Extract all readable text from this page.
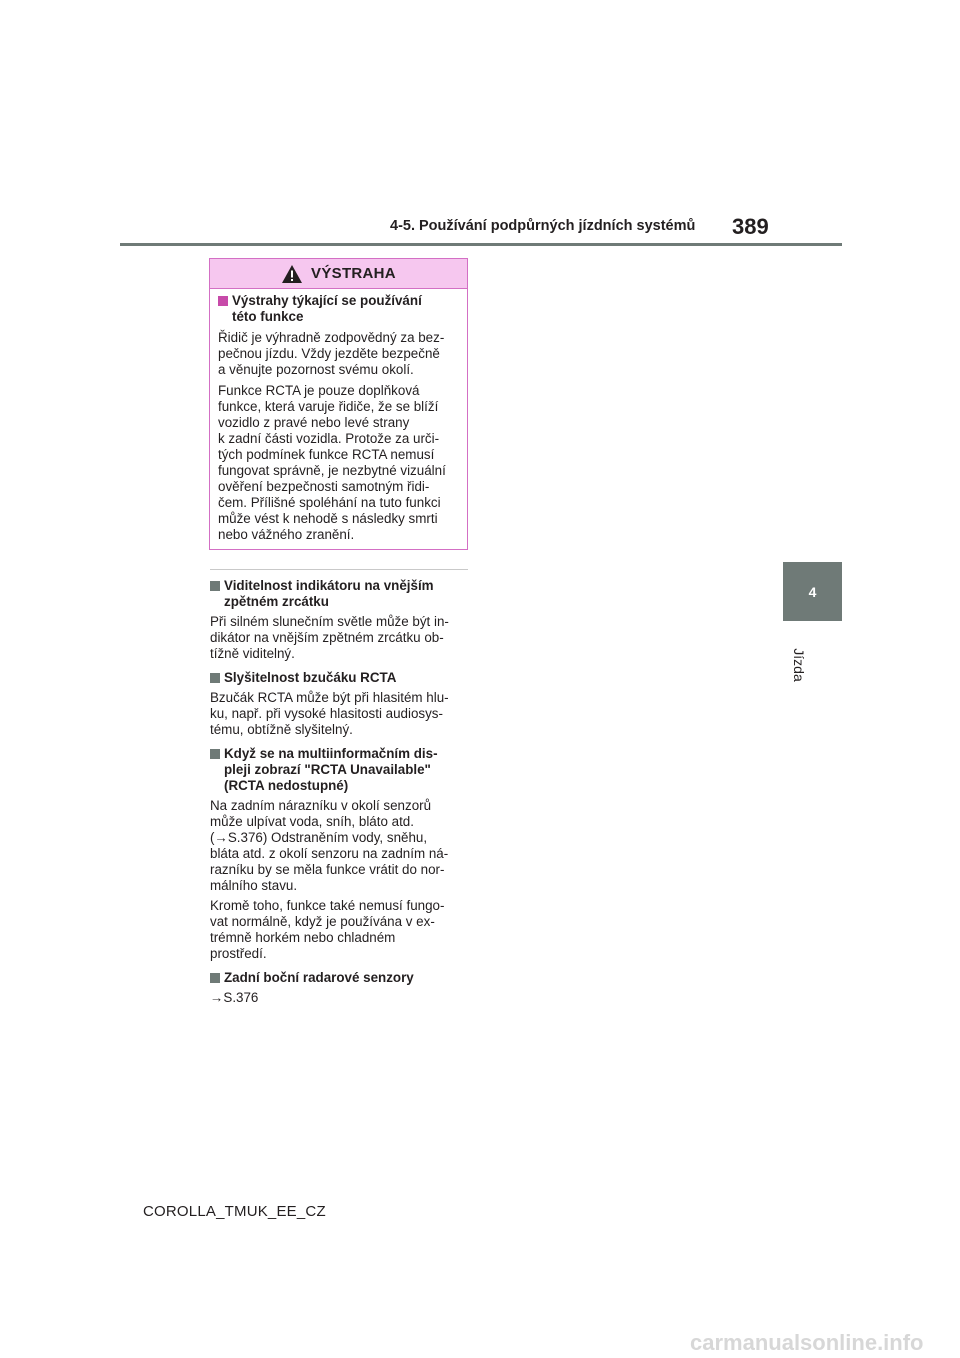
4-5. Používání podpůrných jízdních systémů 389
4
Jízda
VÝSTRAHA
Výstrahy týkající se používání
této funkce
Řidič je výhradně zodpovědný za bez-
pečnou jízdu. Vždy jezděte bezpečně
a věnujte pozornost svému okolí.
Funkce RCTA je pouze doplňková
funkce, která varuje řidiče, že se blíží
vozidlo z pravé nebo levé strany
k zadní části vozidla. Protože za urči-
tých podmínek funkce RCTA nemusí
fungovat správně, je nezbytné vizuální
ověření bezpečnosti samotným řidi-
čem. Přílišné spoléhání na tuto funkci
může vést k nehodě s následky smrti
nebo vážného zranění.
Viditelnost indikátoru na vnějším
zpětném zrcátku
Při silném slunečním světle může být in-
dikátor na vnějším zpětném zrcátku ob-
tížně viditelný.
Slyšitelnost bzučáku RCTA
Bzučák RCTA může být při hlasitém hlu-
ku, např. při vysoké hlasitosti audiosys-
tému, obtížně slyšitelný.
Když se na multiinformačním dis-
pleji zobrazí "RCTA Unavailable"
(RCTA nedostupné)
Na zadním nárazníku v okolí senzorů
může ulpívat voda, sníh, bláto atd.
(→S.376) Odstraněním vody, sněhu,
bláta atd. z okolí senzoru na zadním ná-
razníku by se měla funkce vrátit do nor-
málního stavu.
Kromě toho, funkce také nemusí fungo-
vat normálně, když je používána v ex-
trémně horkém nebo chladném
prostředí.
Zadní boční radarové senzory
→S.376
COROLLA_TMUK_EE_CZ
carmanualsonline.info
